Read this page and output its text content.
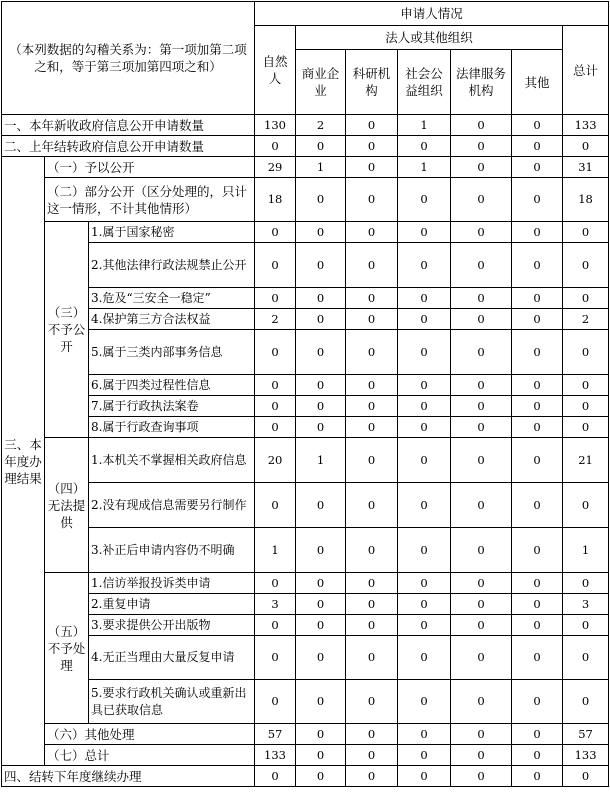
（本列数据的勾稽关系为：第一项加第二项之和，等于第三项加第四项之和）			申请人情况						
			自然人	法人或其他组织					总计
				商业企业	科研机构	社会公益组织	法律服务机构	其他	
一、本年新收政府信息公开申请数量			130	2	0	1	0	0	133
二、上年结转政府信息公开申请数量			0	0	0	0	0	0	0
三、本年度办理结果	（一）予以公开		29	1	0	1	0	0	31
	（二）部分公开（区分处理的，只计这一情形，不计其他情形）		18	0	0	0	0	0	18
	（三）不予公开	1.属于国家秘密	0	0	0	0	0	0	0
		2.其他法律行政法规禁止公开	0	0	0	0	0	0	0
		3.危及“三安全一稳定”	0	0	0	0	0	0	0
		4.保护第三方合法权益	2	0	0	0	0	0	2
		5.属于三类内部事务信息	0	0	0	0	0	0	0
		6.属于四类过程性信息	0	0	0	0	0	0	0
		7.属于行政执法案卷	0	0	0	0	0	0	0
		8.属于行政查询事项	0	0	0	0	0	0	0
	（四）无法提供	1.本机关不掌握相关政府信息	20	1	0	0	0	0	21
		2.没有现成信息需要另行制作	0	0	0	0	0	0	0
		3.补正后申请内容仍不明确	1	0	0	0	0	0	1
	（五）不予处理	1.信访举报投诉类申请	0	0	0	0	0	0	0
		2.重复申请	3	0	0	0	0	0	3
		3.要求提供公开出版物	0	0	0	0	0	0	0
		4.无正当理由大量反复申请	0	0	0	0	0	0	0
		5.要求行政机关确认或重新出具已获取信息	0	0	0	0	0	0	0
	（六）其他处理		57	0	0	0	0	0	57
	（七）总计		133	0	0	0	0	0	133
四、结转下年度继续办理			0	0	0	0	0	0	0
